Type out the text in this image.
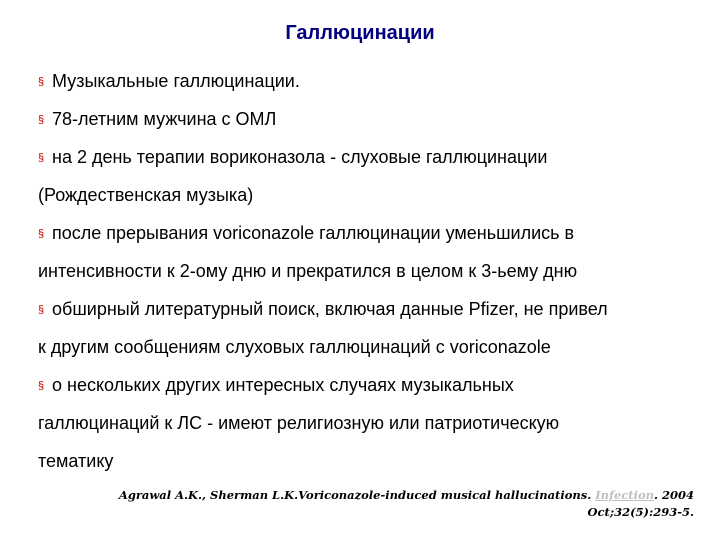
Галлюцинации
§ Музыкальные галлюцинации.
§ 78-летним мужчина с ОМЛ
§ на 2 день терапии вориконазола - слуховые галлюцинации
(Рождественская музыка)
§ после прерывания voriconazole галлюцинации уменьшились в
интенсивности к 2-ому дню и прекратился в целом к 3-ьему дню
§ обширный литературный поиск, включая данные Pfizer, не привел
к другим сообщениям слуховых галлюцинаций с voriconazole
§ о нескольких других интересных случаях музыкальных
галлюцинаций к ЛС - имеют религиозную или патриотическую
тематику
Agrawal A.K., Sherman L.K.Voriconazole-induced musical hallucinations. Infection. 2004
Oct;32(5):293-5.
